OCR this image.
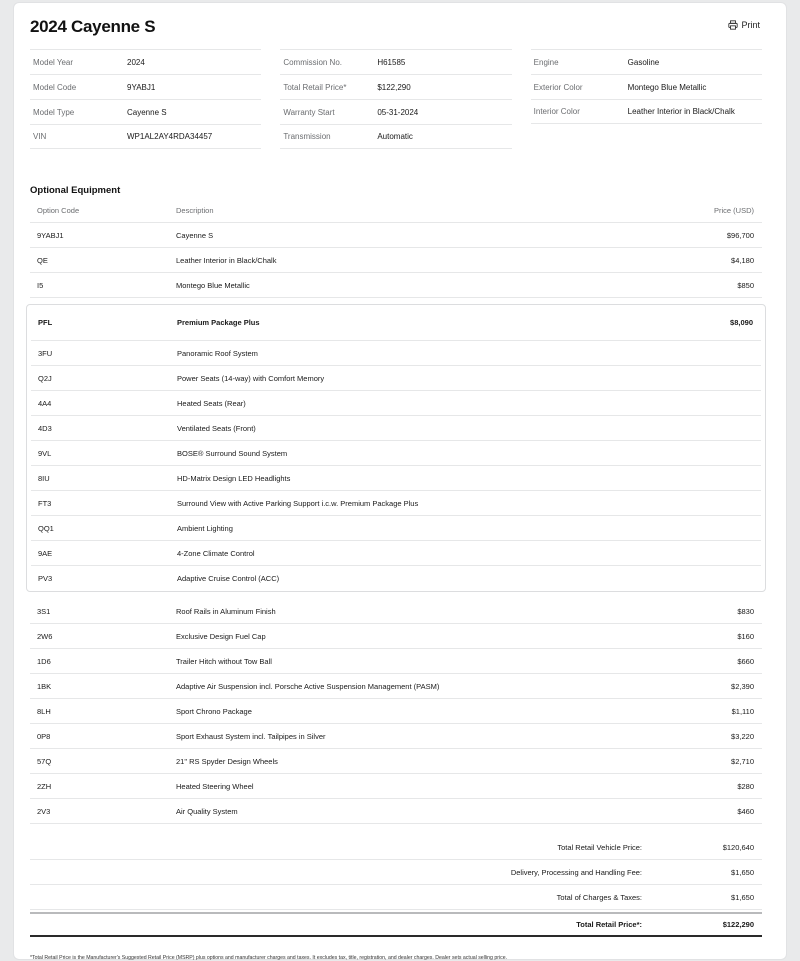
2024 Cayenne S	Print
Model Year	2024
Model Code	9YABJ1
Model Type	Cayenne S
VIN	WP1AL2AY4RDA34457
Commission No.	H61585
Total Retail Price*	$122,290
Warranty Start	05-31-2024
Transmission	Automatic
Engine	Gasoline
Exterior Color	Montego Blue Metallic
Interior Color	Leather Interior in Black/Chalk
Optional Equipment
Option Code	Description	Price (USD)
9YABJ1	Cayenne S	$96,700
QE	Leather Interior in Black/Chalk	$4,180
I5	Montego Blue Metallic	$850
PFL	Premium Package Plus	$8,090
3FU	Panoramic Roof System
Q2J	Power Seats (14-way) with Comfort Memory
4A4	Heated Seats (Rear)
4D3	Ventilated Seats (Front)
9VL	BOSE® Surround Sound System
8IU	HD-Matrix Design LED Headlights
FT3	Surround View with Active Parking Support i.c.w. Premium Package Plus
QQ1	Ambient Lighting
9AE	4-Zone Climate Control
PV3	Adaptive Cruise Control (ACC)
3S1	Roof Rails in Aluminum Finish	$830
2W6	Exclusive Design Fuel Cap	$160
1D6	Trailer Hitch without Tow Ball	$660
1BK	Adaptive Air Suspension incl. Porsche Active Suspension Management (PASM)	$2,390
8LH	Sport Chrono Package	$1,110
0P8	Sport Exhaust System incl. Tailpipes in Silver	$3,220
57Q	21" RS Spyder Design Wheels	$2,710
2ZH	Heated Steering Wheel	$280
2V3	Air Quality System	$460
Total Retail Vehicle Price:	$120,640
Delivery, Processing and Handling Fee:	$1,650
Total of Charges & Taxes:	$1,650
Total Retail Price*:	$122,290
*Total Retail Price is the Manufacturer's Suggested Retail Price (MSRP) plus options and manufacturer charges and taxes. It excludes tax, title, registration, and dealer charges. Dealer sets actual selling price.
